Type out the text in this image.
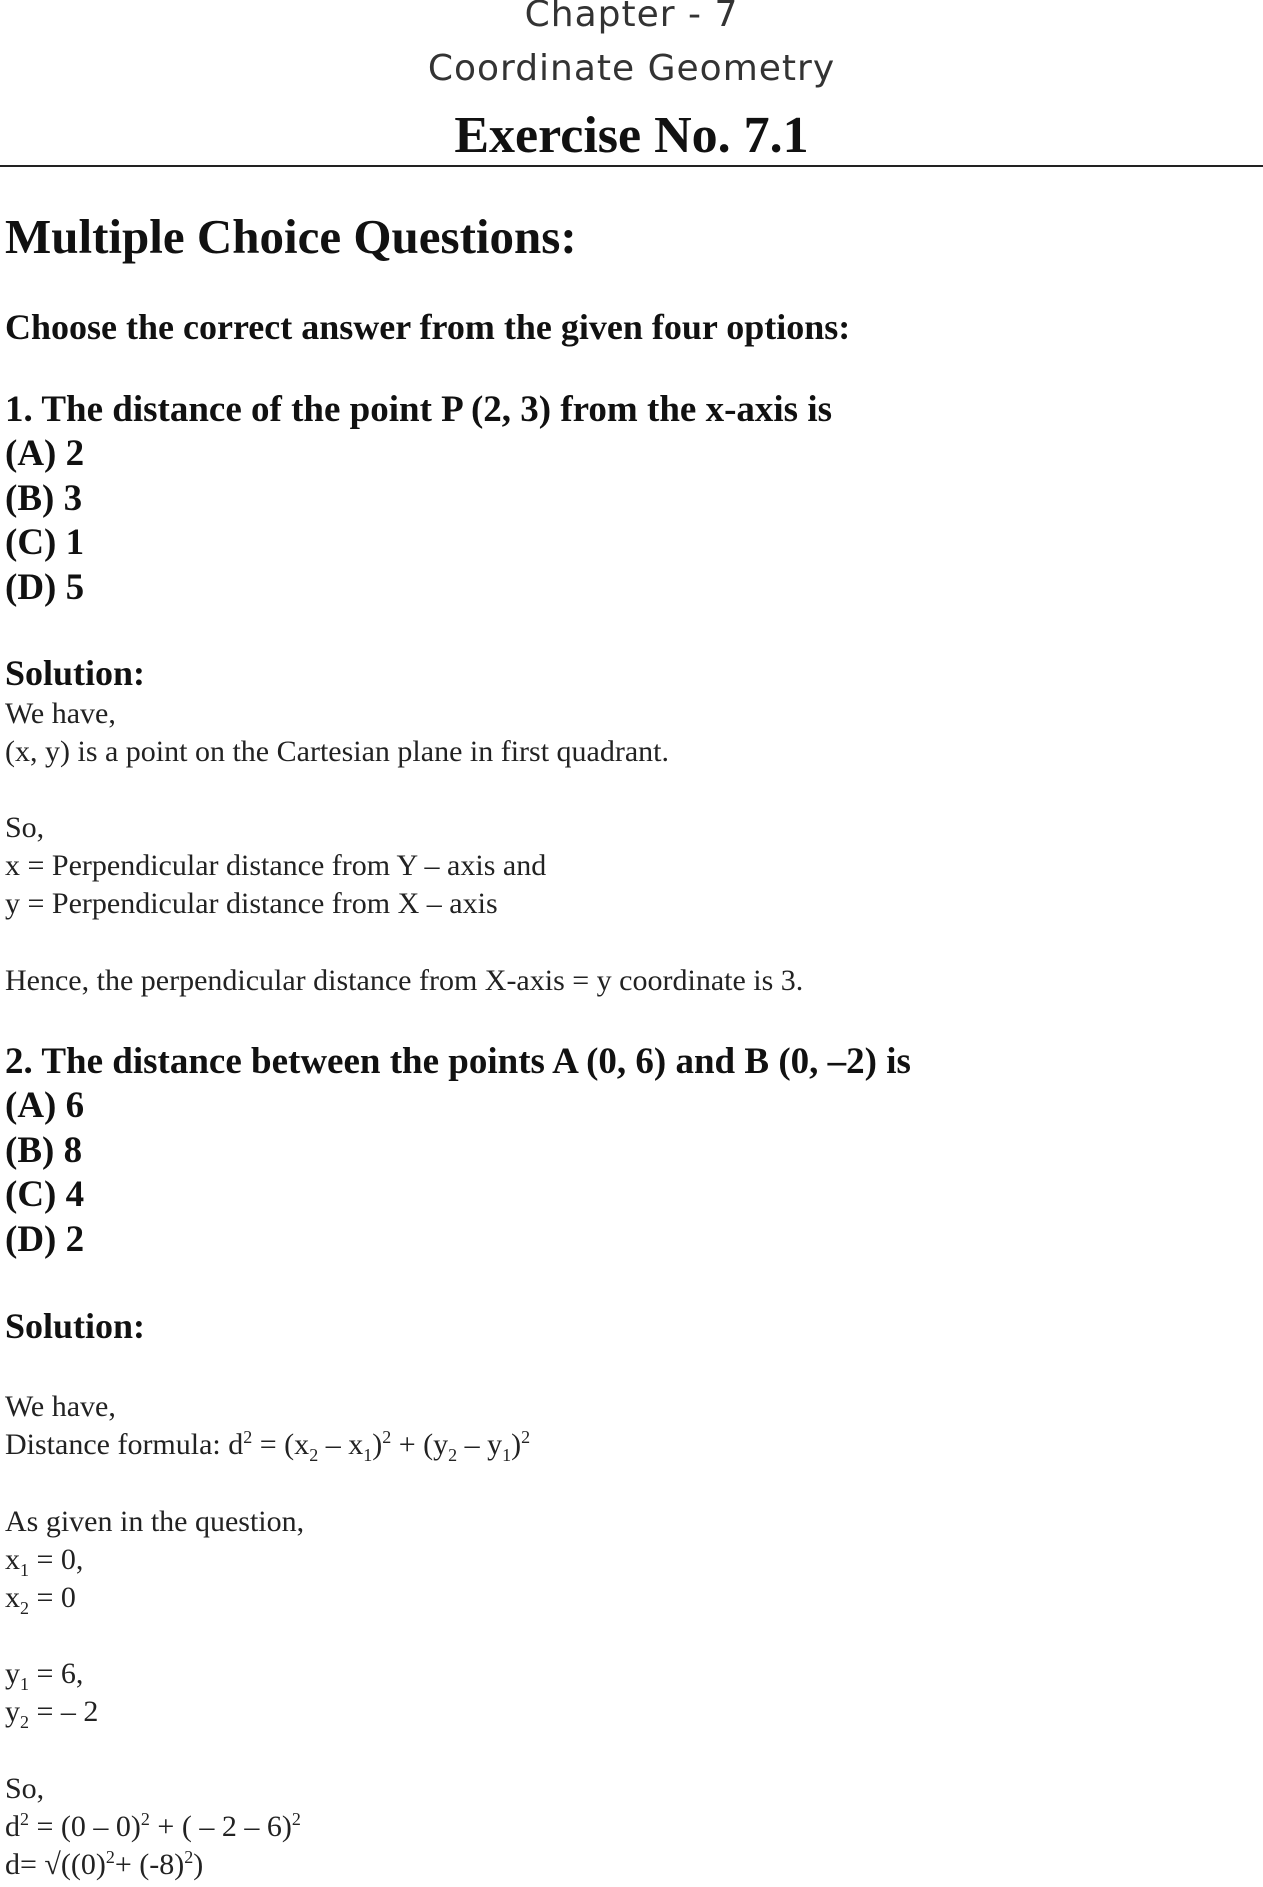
Chapter - 7
Coordinate Geometry
Exercise No. 7.1
Multiple Choice Questions:
Choose the correct answer from the given four options:
1. The distance of the point P (2, 3) from the x-axis is
(A) 2
(B) 3
(C) 1
(D) 5
Solution:
We have,
(x, y) is a point on the Cartesian plane in first quadrant.
So,
x = Perpendicular distance from Y – axis and
y = Perpendicular distance from X – axis
Hence, the perpendicular distance from X-axis = y coordinate is 3.
2. The distance between the points A (0, 6) and B (0, –2) is
(A) 6
(B) 8
(C) 4
(D) 2
Solution:
We have,
Distance formula: $d^2 = (x_2 - x_1)^2 + (y_2 - y_1)^2$
As given in the question,
$x_1 = 0$,
$x_2 = 0$
$y_1 = 6$,
$y_2$ = – 2
So,
$d^2 = (0 - 0)^2$ + ( – 2 – 6)$^2$
$d= √((0)^2+ (-8)^2)$
